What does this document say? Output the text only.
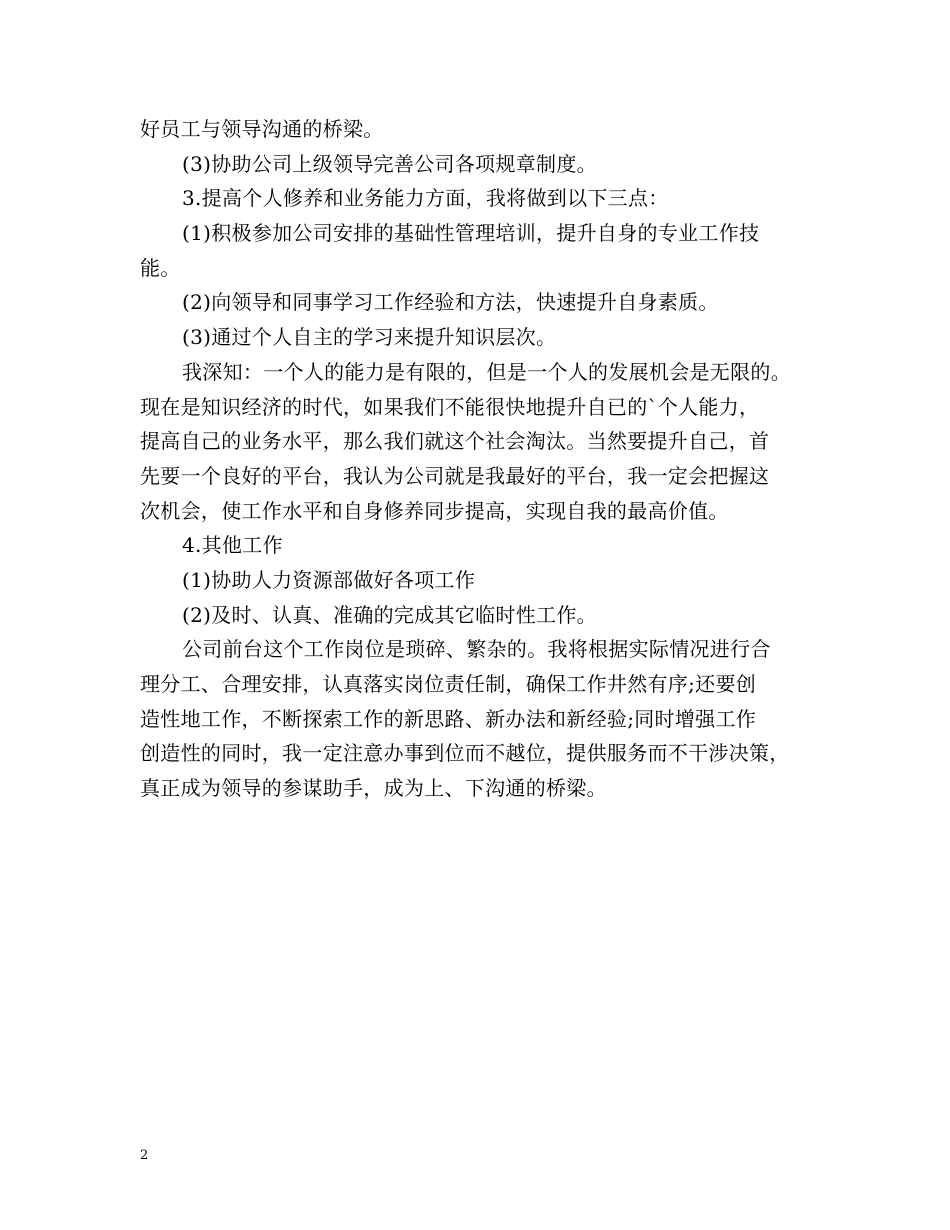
好员工与领导沟通的桥梁。
(3)协助公司上级领导完善公司各项规章制度。
3.提高个人修养和业务能力方面，我将做到以下三点：
(1)积极参加公司安排的基础性管理培训，提升自身的专业工作技
能。
(2)向领导和同事学习工作经验和方法，快速提升自身素质。
(3)通过个人自主的学习来提升知识层次。
我深知：一个人的能力是有限的，但是一个人的发展机会是无限的。
现在是知识经济的时代，如果我们不能很快地提升自已的`个人能力，
提高自己的业务水平，那么我们就这个社会淘汰。当然要提升自己，首
先要一个良好的平台，我认为公司就是我最好的平台，我一定会把握这
次机会，使工作水平和自身修养同步提高，实现自我的最高价值。
4.其他工作
(1)协助人力资源部做好各项工作
(2)及时、认真、准确的完成其它临时性工作。
公司前台这个工作岗位是琐碎、繁杂的。我将根据实际情况进行合
理分工、合理安排，认真落实岗位责任制，确保工作井然有序;还要创
造性地工作，不断探索工作的新思路、新办法和新经验;同时增强工作
创造性的同时，我一定注意办事到位而不越位，提供服务而不干涉决策，
真正成为领导的参谋助手，成为上、下沟通的桥梁。
2
